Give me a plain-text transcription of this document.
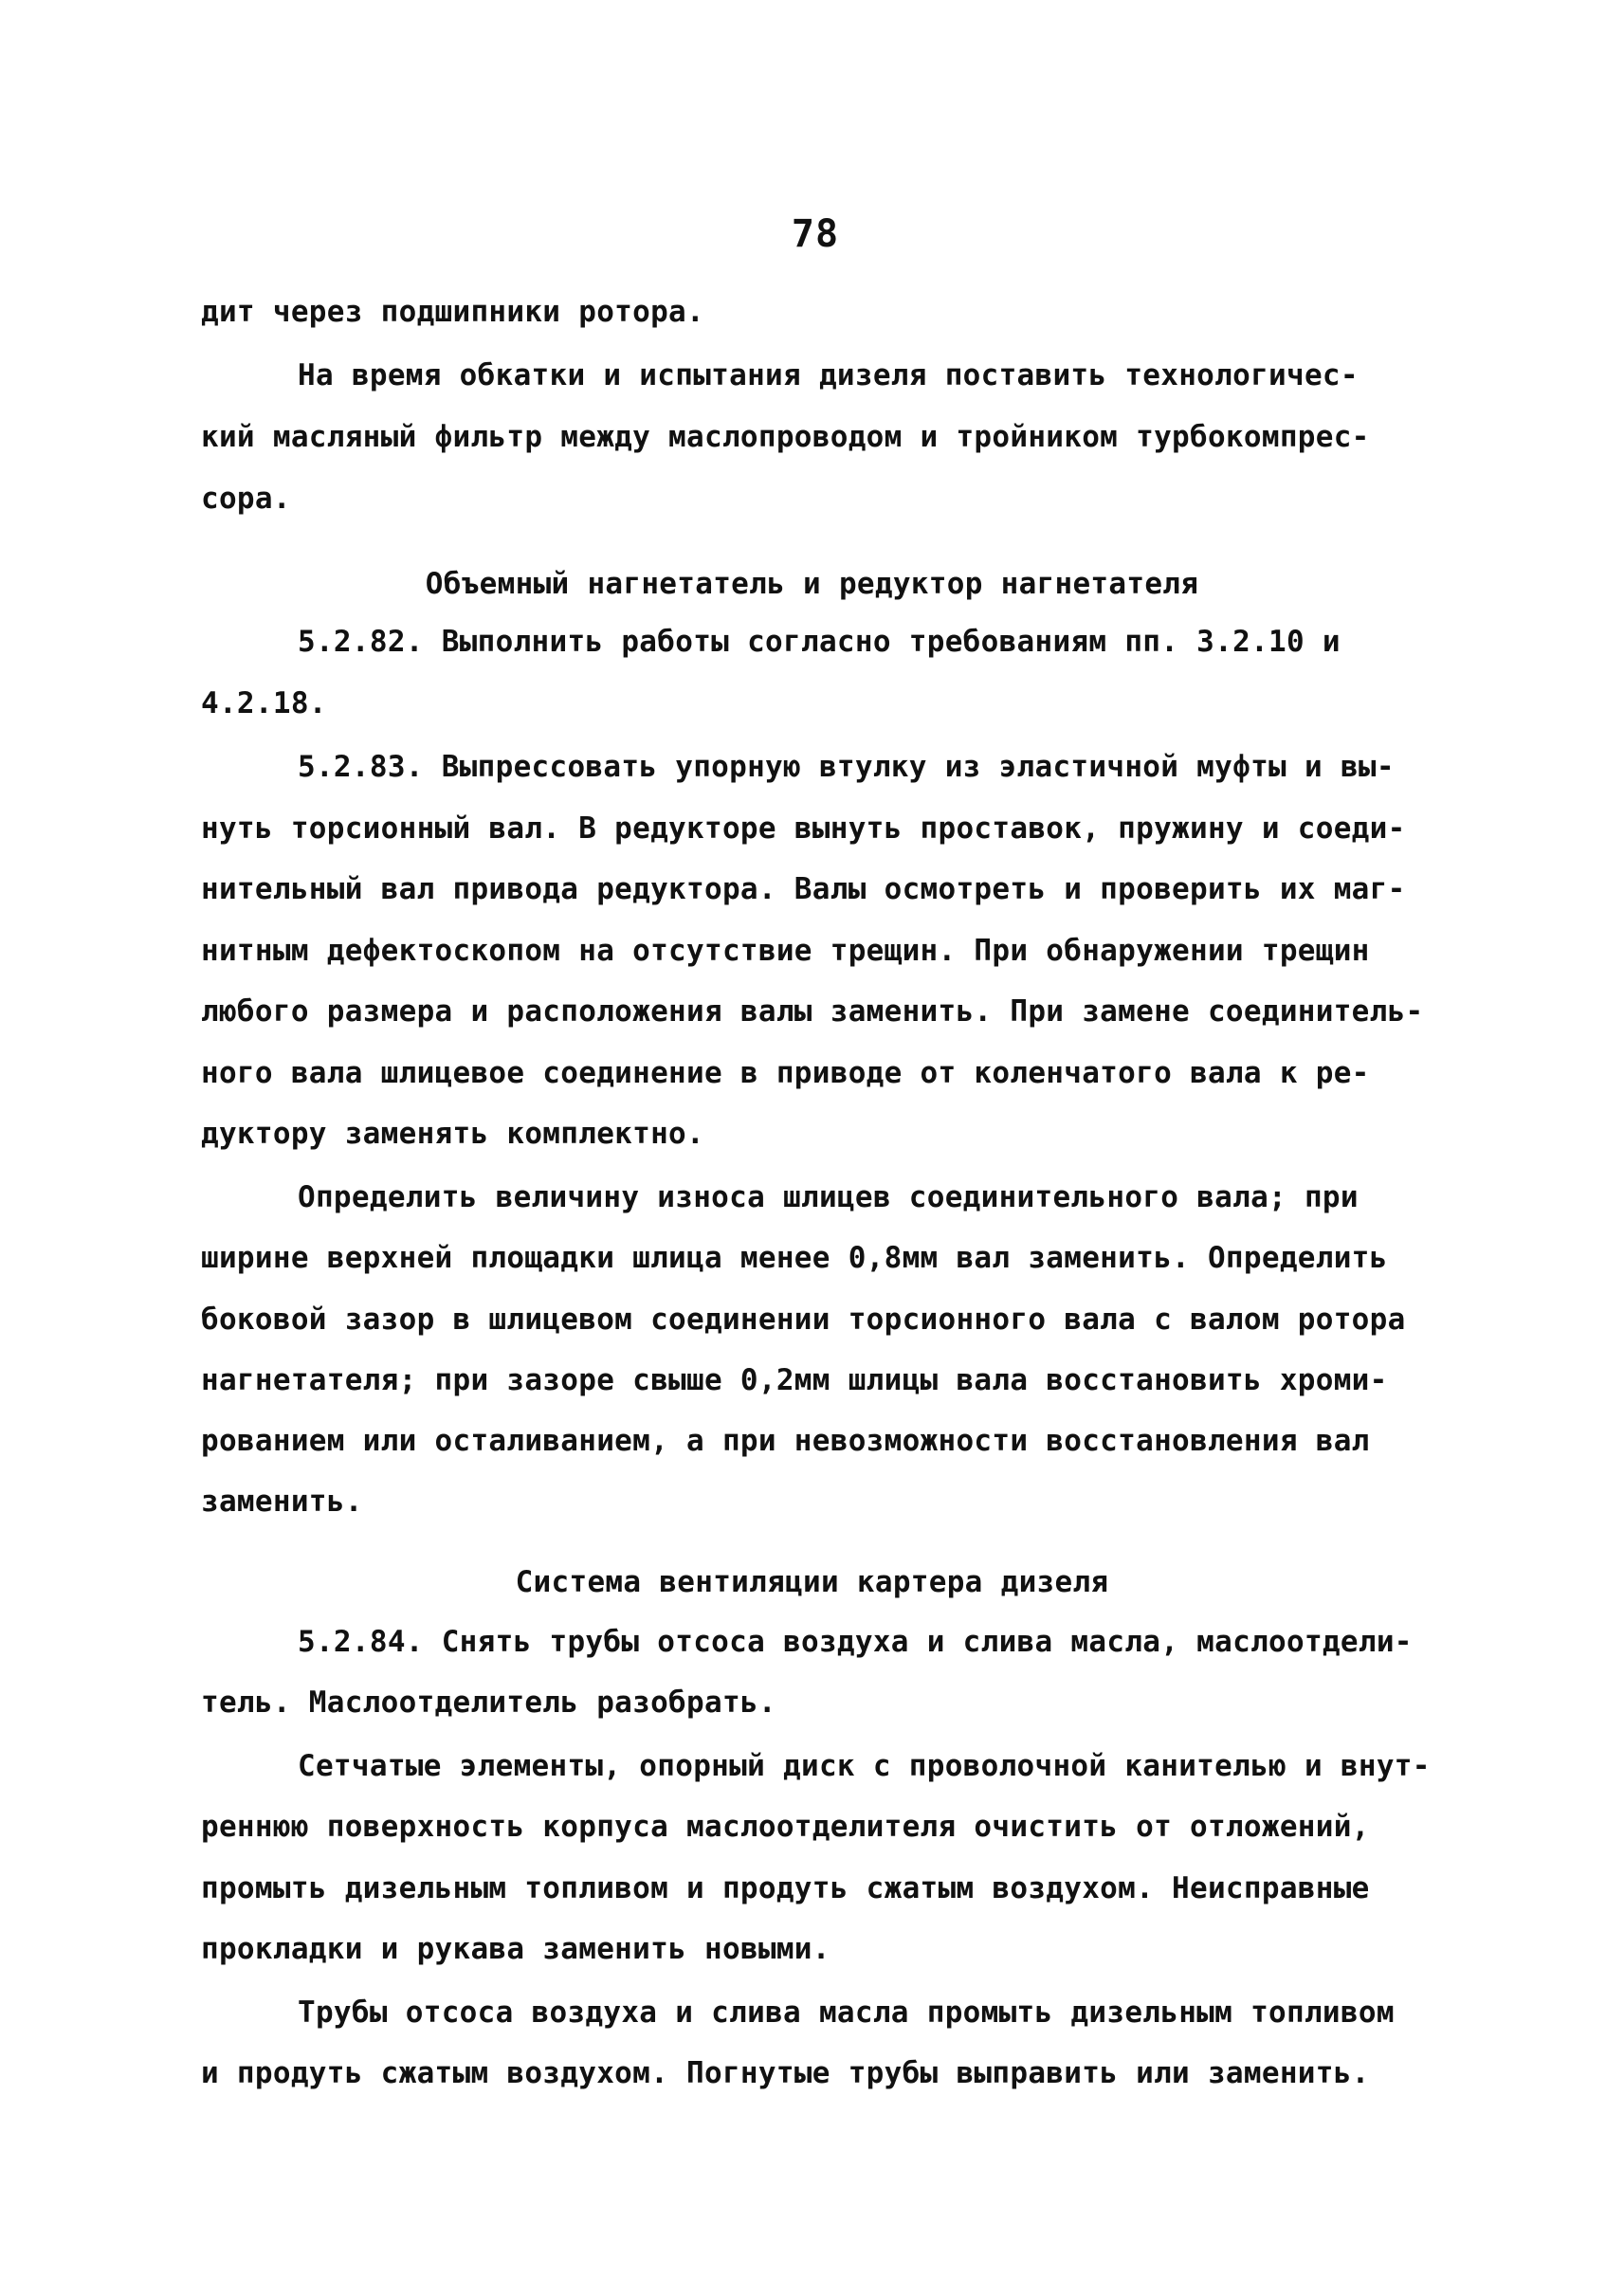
78
дит через подшипники ротора.
На время обкатки и испытания дизеля поставить технологичес-
кий масляный фильтр между маслопроводом и тройником турбокомпрес-
сора.
Объемный нагнетатель и редуктор нагнетателя
5.2.82. Выполнить работы согласно требованиям пп. 3.2.10 и
4.2.18.
5.2.83. Выпрессовать упорную втулку из эластичной муфты и вы-
нуть торсионный вал. В редукторе вынуть проставок, пружину и соеди-
нительный вал привода редуктора. Валы осмотреть и проверить их маг-
нитным дефектоскопом на отсутствие трещин. При обнаружении трещин
любого размера и расположения валы заменить. При замене соединитель-
ного вала шлицевое соединение в приводе от коленчатого вала к ре-
дуктору заменять комплектно.
Определить величину износа шлицев соединительного вала; при
ширине верхней площадки шлица менее 0,8мм вал заменить. Определить
боковой зазор в шлицевом соединении торсионного вала с валом ротора
нагнетателя; при зазоре свыше 0,2мм шлицы вала восстановить хроми-
рованием или осталиванием, а при невозможности восстановления вал
заменить.
Система вентиляции картера дизеля
5.2.84. Снять трубы отсоса воздуха и слива масла, маслоотдели-
тель. Маслоотделитель разобрать.
Сетчатые элементы, опорный диск с проволочной канителью и внут-
реннюю поверхность корпуса маслоотделителя очистить от отложений,
промыть дизельным топливом и продуть сжатым воздухом. Неисправные
прокладки и рукава заменить новыми.
Трубы отсоса воздуха и слива масла промыть дизельным топливом
и продуть сжатым воздухом. Погнутые трубы выправить или заменить.
